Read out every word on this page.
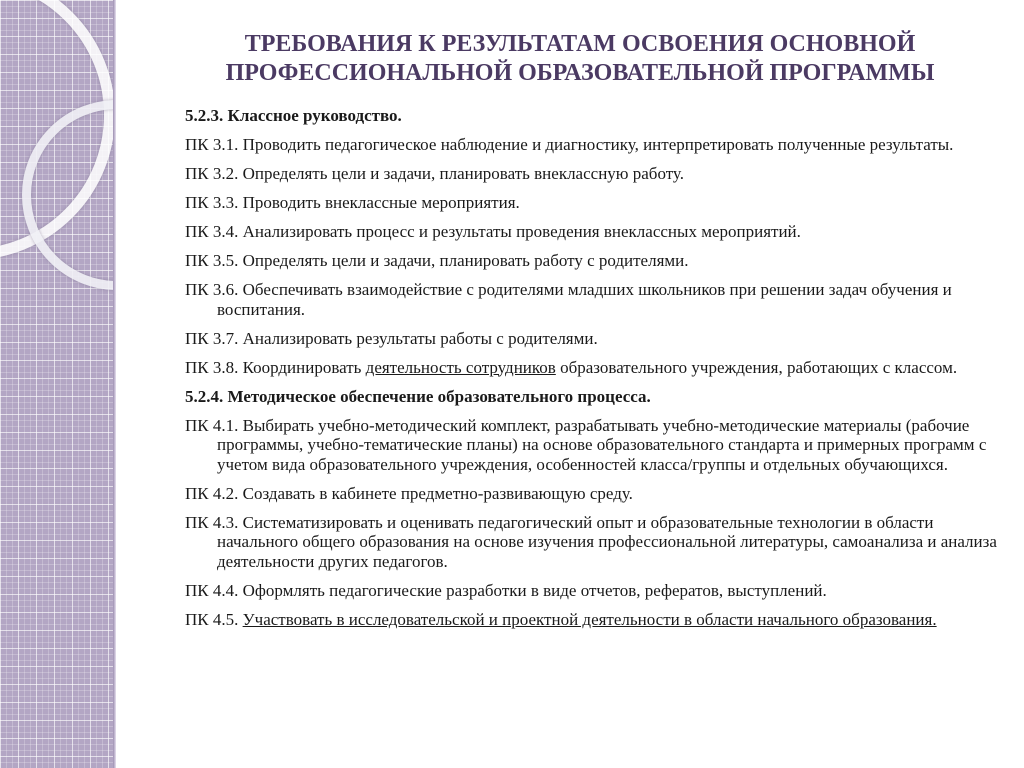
ТРЕБОВАНИЯ К РЕЗУЛЬТАТАМ ОСВОЕНИЯ ОСНОВНОЙ
ПРОФЕССИОНАЛЬНОЙ ОБРАЗОВАТЕЛЬНОЙ ПРОГРАММЫ
5.2.3. Классное руководство.
ПК 3.1. Проводить педагогическое наблюдение и диагностику, интерпретировать полученные результаты.
ПК 3.2. Определять цели и задачи, планировать внеклассную работу.
ПК 3.3. Проводить внеклассные мероприятия.
ПК 3.4. Анализировать процесс и результаты проведения внеклассных мероприятий.
ПК 3.5. Определять цели и задачи, планировать работу с родителями.
ПК 3.6. Обеспечивать взаимодействие с родителями младших школьников при решении задач обучения и воспитания.
ПК 3.7. Анализировать результаты работы с родителями.
ПК 3.8. Координировать деятельность сотрудников образовательного учреждения, работающих с классом.
5.2.4. Методическое обеспечение образовательного процесса.
ПК 4.1. Выбирать учебно-методический комплект, разрабатывать учебно-методические материалы (рабочие программы, учебно-тематические планы) на основе образовательного стандарта и примерных программ с учетом вида образовательного учреждения, особенностей класса/группы и отдельных обучающихся.
ПК 4.2. Создавать в кабинете предметно-развивающую среду.
ПК 4.3. Систематизировать и оценивать педагогический опыт и образовательные технологии в области начального общего образования на основе изучения профессиональной литературы, самоанализа и анализа деятельности других педагогов.
ПК 4.4. Оформлять педагогические разработки в виде отчетов, рефератов, выступлений.
ПК 4.5. Участвовать в исследовательской и проектной деятельности в области начального образования.
